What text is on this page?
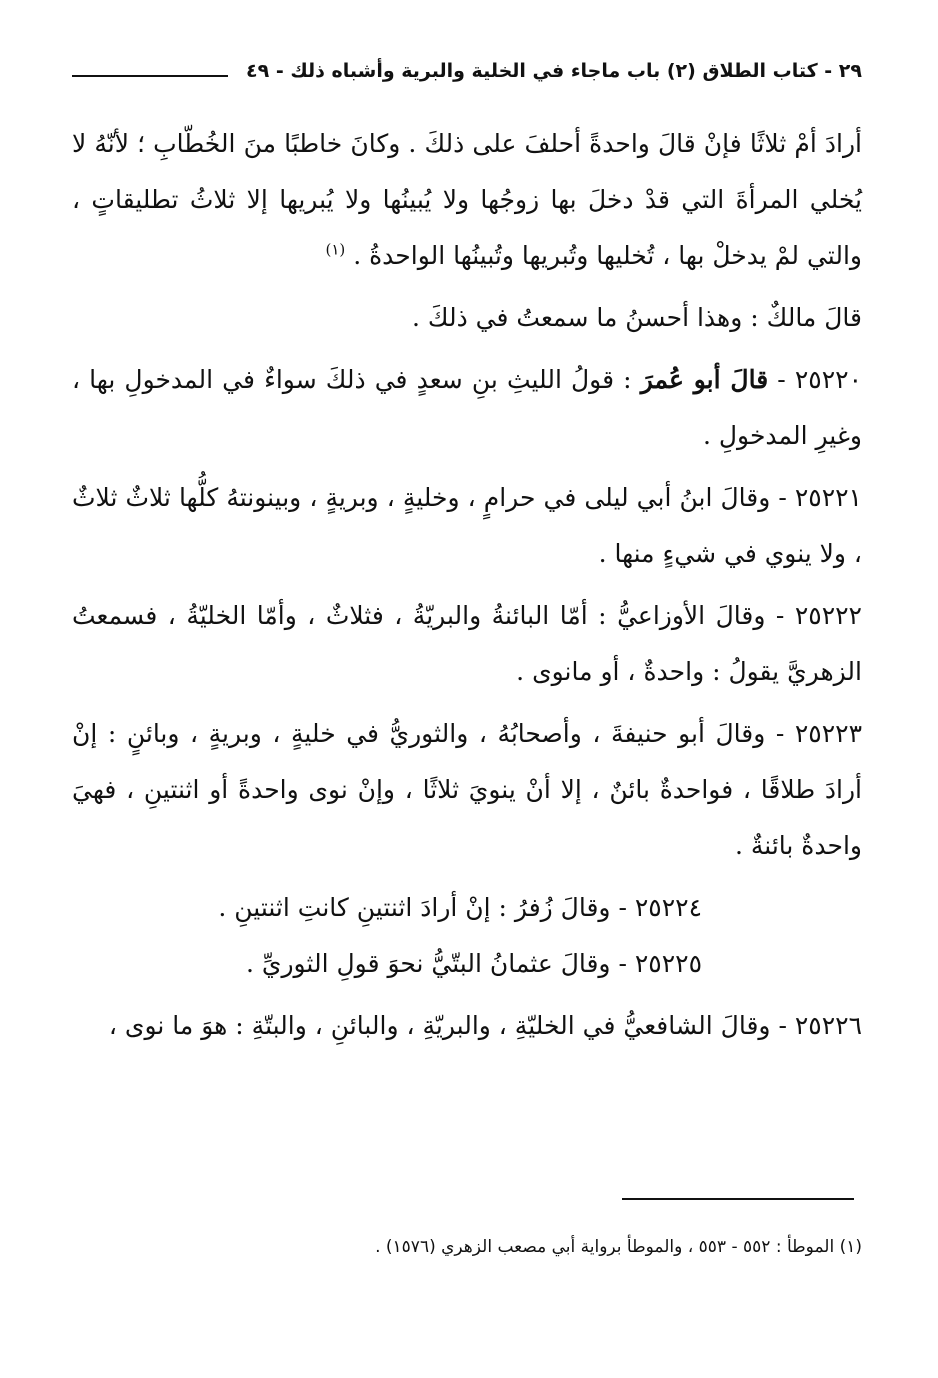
٢٩ - كتاب الطلاق (٢) باب ماجاء في الخلية والبرية وأشباه ذلك - ٤٩

أرادَ أمْ ثلاثًا فإنْ قالَ واحدةً أحلفَ على ذلكَ . وكانَ خاطبًا منَ الخُطّابِ ؛ لأنّهُ لا يُخلي المرأةَ التي قدْ دخلَ بها زوجُها ولا يُبينُها ولا يُبريها إلا ثلاثُ تطليقاتٍ ، والتي لمْ يدخلْ بها ، تُخليها وتُبريها وتُبينُها الواحدةُ . $^{(١)}$

قالَ مالكٌ : وهذا أحسنُ ما سمعتُ في ذلكَ .

٢٥٢٢٠ - قالَ أبو عُمرَ : قولُ الليثِ بنِ سعدٍ في ذلكَ سواءٌ في المدخولِ بها ، وغيرِ المدخولِ .

٢٥٢٢١ - وقالَ ابنُ أبي ليلى في حرامٍ ، وخليةٍ ، وبريةٍ ، وبينونتهُ كلُّها ثلاثٌ ثلاثٌ ، ولا ينوي في شيءٍ منها .

٢٥٢٢٢ - وقالَ الأوزاعيُّ : أمّا البائنةُ والبريّةُ ، فثلاثٌ ، وأمّا الخليّةُ ، فسمعتُ الزهريَّ يقولُ : واحدةٌ ، أو مانوى .

٢٥٢٢٣ - وقالَ أبو حنيفةَ ، وأصحابُهُ ، والثوريُّ في خليةٍ ، وبريةٍ ، وبائنٍ : إنْ أرادَ طلاقًا ، فواحدةٌ بائنٌ ، إلا أنْ ينويَ ثلاثًا ، وإنْ نوى واحدةً أو اثنتينِ ، فهيَ واحدةٌ بائنةٌ .

٢٥٢٢٤ - وقالَ زُفرُ : إنْ أرادَ اثنتينِ كانتِ اثنتينِ .

٢٥٢٢٥ - وقالَ عثمانُ البتّيُّ نحوَ قولِ الثوريِّ .

٢٥٢٢٦ - وقالَ الشافعيُّ في الخليّةِ ، والبريّةِ ، والبائنِ ، والبتّةِ : هوَ ما نوى ،

(١) الموطأ : ٥٥٢ - ٥٥٣ ، والموطأ برواية أبي مصعب الزهري (١٥٧٦) .
